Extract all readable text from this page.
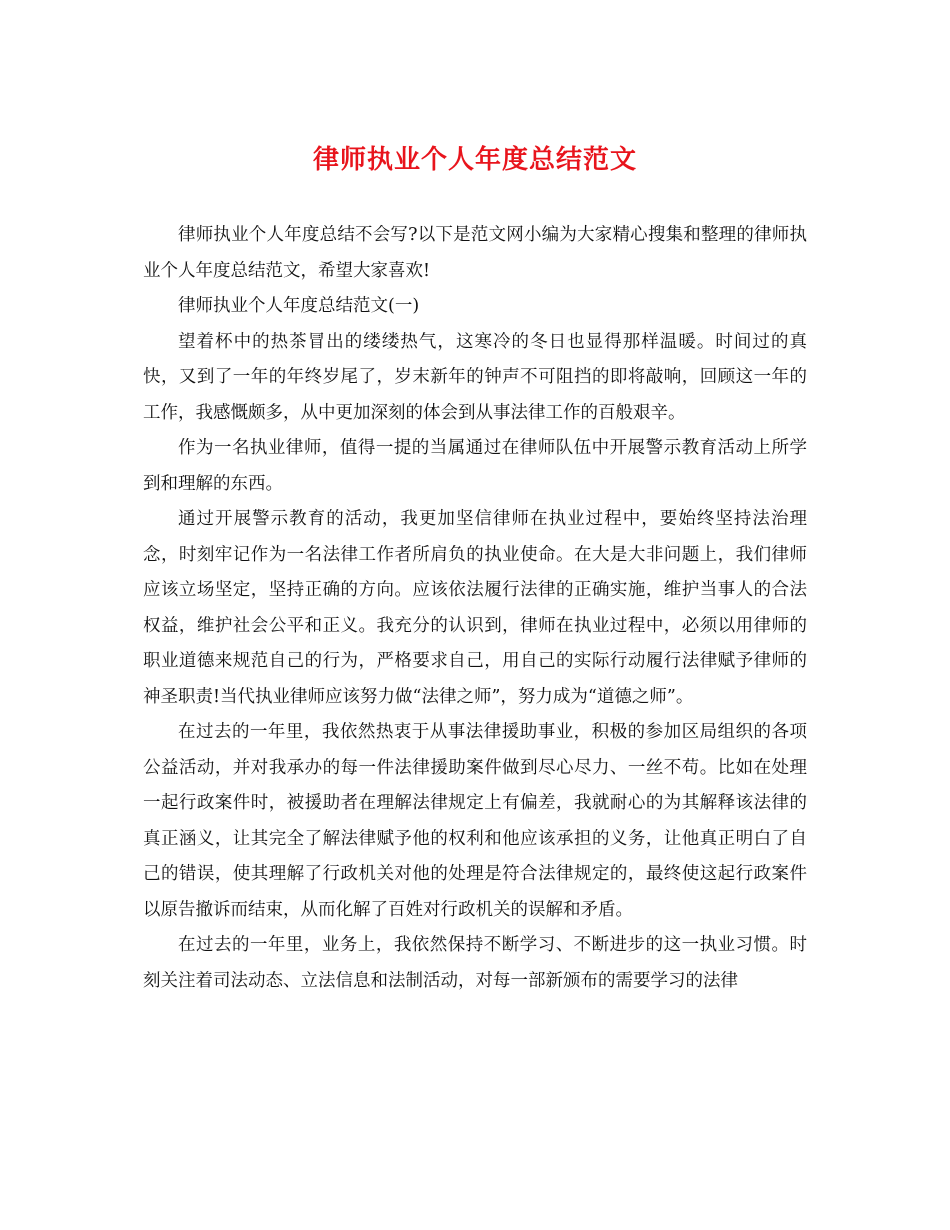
律师执业个人年度总结范文

律师执业个人年度总结不会写?以下是范文网小编为大家精心搜集和整理的律师执业个人年度总结范文，希望大家喜欢!

律师执业个人年度总结范文(一)

望着杯中的热茶冒出的缕缕热气，这寒冷的冬日也显得那样温暖。时间过的真快，又到了一年的年终岁尾了，岁末新年的钟声不可阻挡的即将敲响，回顾这一年的工作，我感慨颇多，从中更加深刻的体会到从事法律工作的百般艰辛。

作为一名执业律师，值得一提的当属通过在律师队伍中开展警示教育活动上所学到和理解的东西。

通过开展警示教育的活动，我更加坚信律师在执业过程中，要始终坚持法治理念，时刻牢记作为一名法律工作者所肩负的执业使命。在大是大非问题上，我们律师应该立场坚定，坚持正确的方向。应该依法履行法律的正确实施，维护当事人的合法权益，维护社会公平和正义。我充分的认识到，律师在执业过程中，必须以用律师的职业道德来规范自己的行为，严格要求自己，用自己的实际行动履行法律赋予律师的神圣职责!当代执业律师应该努力做“法律之师”，努力成为“道德之师”。

在过去的一年里，我依然热衷于从事法律援助事业，积极的参加区局组织的各项公益活动，并对我承办的每一件法律援助案件做到尽心尽力、一丝不苟。比如在处理一起行政案件时，被援助者在理解法律规定上有偏差，我就耐心的为其解释该法律的真正涵义，让其完全了解法律赋予他的权利和他应该承担的义务，让他真正明白了自己的错误，使其理解了行政机关对他的处理是符合法律规定的，最终使这起行政案件以原告撤诉而结束，从而化解了百姓对行政机关的误解和矛盾。

在过去的一年里，业务上，我依然保持不断学习、不断进步的这一执业习惯。时刻关注着司法动态、立法信息和法制活动，对每一部新颁布的需要学习的法律
